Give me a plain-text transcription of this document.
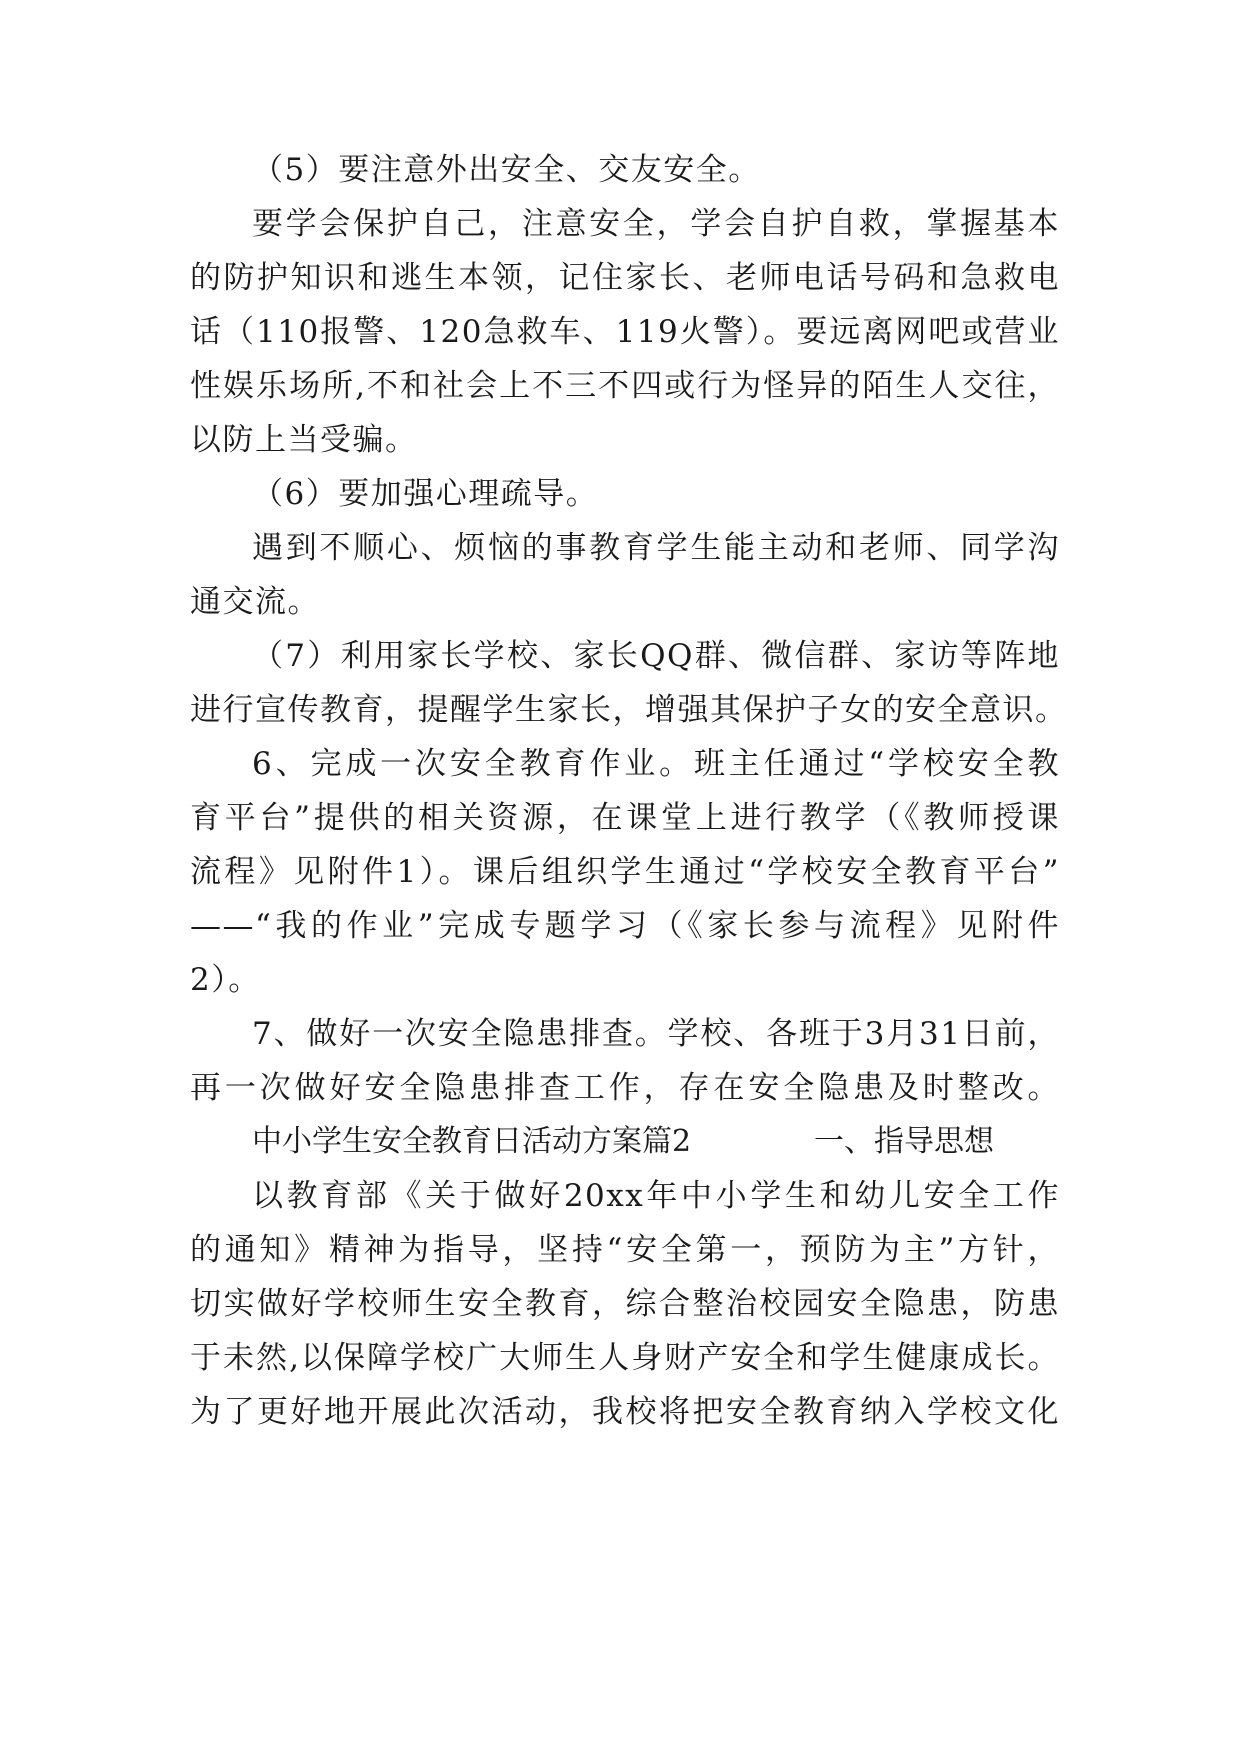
（5）要注意外出安全、交友安全。
要学会保护自己，注意安全，学会自护自救，掌握基本
的防护知识和逃生本领，记住家长、老师电话号码和急救电
话（110报警、120急救车、119火警）。要远离网吧或营业
性娱乐场所,不和社会上不三不四或行为怪异的陌生人交往，
以防上当受骗。
（6）要加强心理疏导。
遇到不顺心、烦恼的事教育学生能主动和老师、同学沟
通交流。
（7）利用家长学校、家长QQ群、微信群、家访等阵地
进行宣传教育，提醒学生家长，增强其保护子女的安全意识。
6、完成一次安全教育作业。班主任通过“学校安全教
育平台”提供的相关资源，在课堂上进行教学（《教师授课
流程》见附件1）。课后组织学生通过“学校安全教育平台”
——“我的作业”完成专题学习（《家长参与流程》见附件
2）。
7、做好一次安全隐患排查。学校、各班于3月31日前，
再一次做好安全隐患排查工作，存在安全隐患及时整改。
中小学生安全教育日活动方案篇2	一、指导思想
以教育部《关于做好20xx年中小学生和幼儿安全工作
的通知》精神为指导，坚持“安全第一，预防为主”方针，
切实做好学校师生安全教育，综合整治校园安全隐患，防患
于未然,以保障学校广大师生人身财产安全和学生健康成长。
为了更好地开展此次活动，我校将把安全教育纳入学校文化
